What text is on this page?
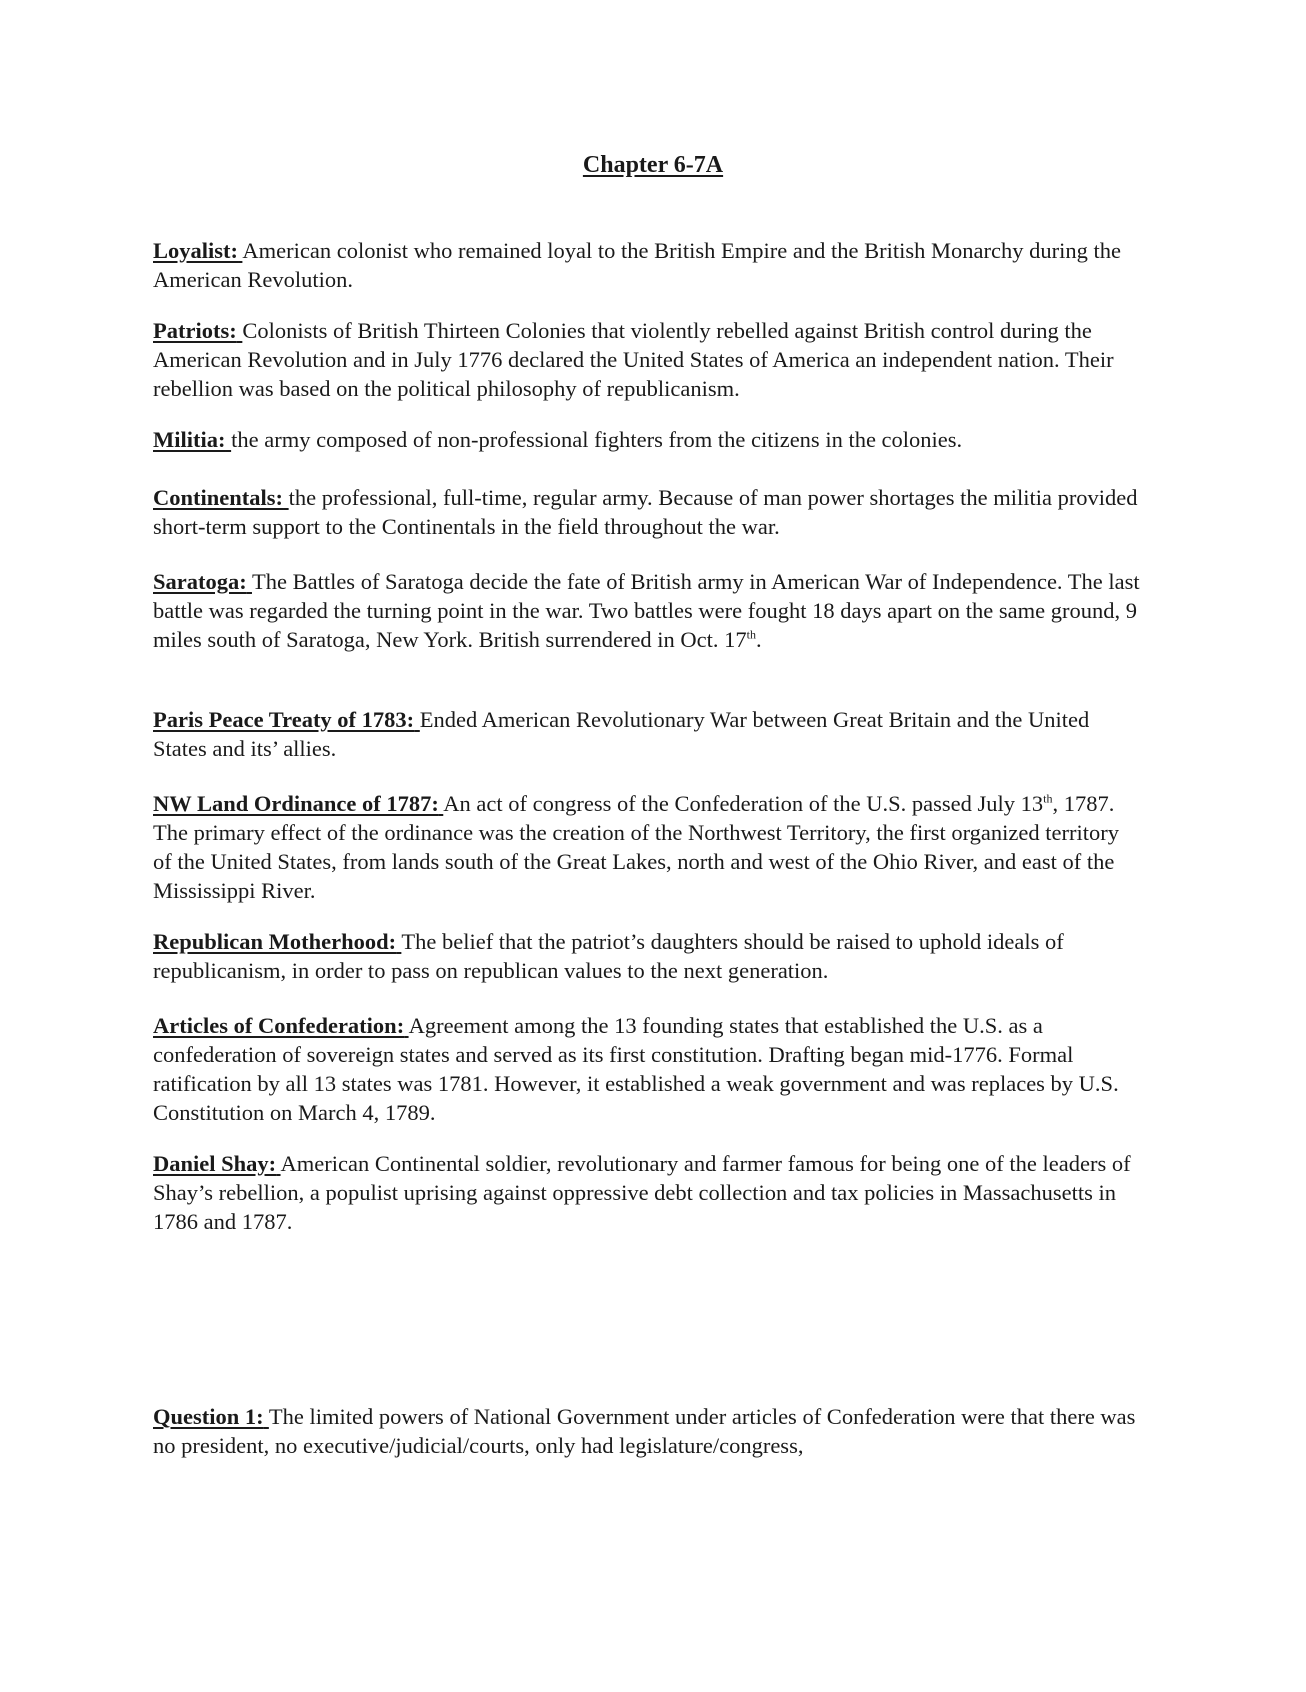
Chapter 6-7A

Loyalist: American colonist who remained loyal to the British Empire and the British Monarchy during the American Revolution.

Patriots: Colonists of British Thirteen Colonies that violently rebelled against British control during the American Revolution and in July 1776 declared the United States of America an independent nation. Their rebellion was based on the political philosophy of republicanism.

Militia: the army composed of non-professional fighters from the citizens in the colonies.

Continentals: the professional, full-time, regular army. Because of man power shortages the militia provided short-term support to the Continentals in the field throughout the war.

Saratoga: The Battles of Saratoga decide the fate of British army in American War of Independence. The last battle was regarded the turning point in the war. Two battles were fought 18 days apart on the same ground, 9 miles south of Saratoga, New York. British surrendered in Oct. 17th.

Paris Peace Treaty of 1783: Ended American Revolutionary War between Great Britain and the United States and its’ allies.

NW Land Ordinance of 1787: An act of congress of the Confederation of the U.S. passed July 13th, 1787. The primary effect of the ordinance was the creation of the Northwest Territory, the first organized territory of the United States, from lands south of the Great Lakes, north and west of the Ohio River, and east of the Mississippi River.

Republican Motherhood: The belief that the patriot’s daughters should be raised to uphold ideals of republicanism, in order to pass on republican values to the next generation.

Articles of Confederation: Agreement among the 13 founding states that established the U.S. as a confederation of sovereign states and served as its first constitution. Drafting began mid-1776. Formal ratification by all 13 states was 1781. However, it established a weak government and was replaces by U.S. Constitution on March 4, 1789.

Daniel Shay: American Continental soldier, revolutionary and farmer famous for being one of the leaders of Shay’s rebellion, a populist uprising against oppressive debt collection and tax policies in Massachusetts in 1786 and 1787.

Question 1: The limited powers of National Government under articles of Confederation were that there was no president, no executive/judicial/courts, only had legislature/congress,
